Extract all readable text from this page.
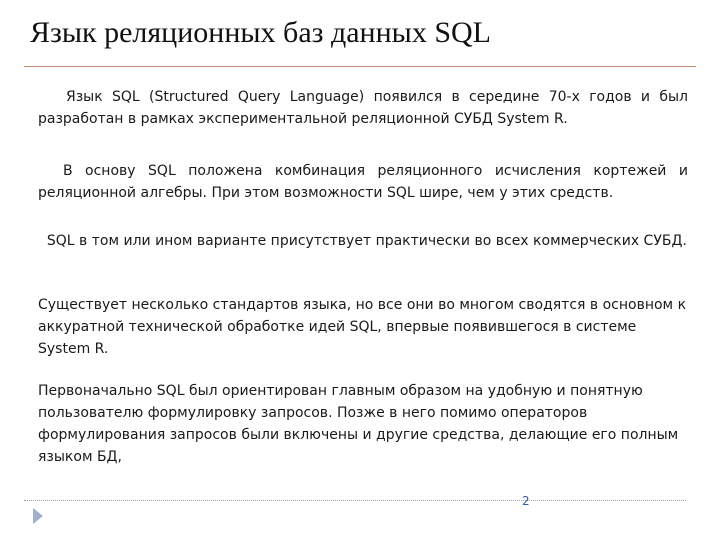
Язык реляционных баз данных SQL
Язык SQL (Structured Query Language) появился в середине 70-х годов и был разработан в рамках экспериментальной реляционной СУБД System R.
В основу SQL положена комбинация реляционного исчисления кортежей и реляционной алгебры. При этом возможности SQL шире, чем у этих средств.
SQL в том или ином варианте присутствует практически во всех коммерческих СУБД.
Существует несколько стандартов языка, но все они во многом сводятся в основном к аккуратной технической обработке идей SQL, впервые появившегося в системе System R.
Первоначально SQL был ориентирован главным образом на удобную и понятную пользователю формулировку запросов. Позже в него помимо операторов формулирования запросов были включены и другие средства, делающие его полным языком БД,
2
